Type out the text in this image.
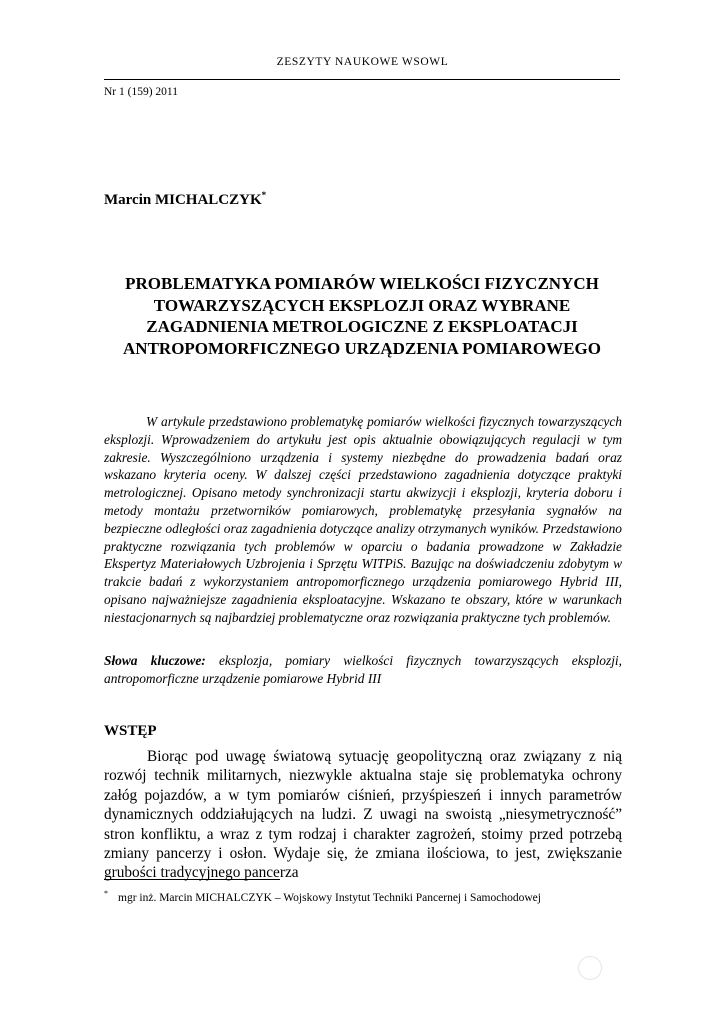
ZESZYTY NAUKOWE WSOWL
Nr 1 (159) 2011
Marcin MICHALCZYK*
PROBLEMATYKA POMIARÓW WIELKOŚCI FIZYCZNYCH
TOWARZYSZĄCYCH EKSPLOZJI ORAZ WYBRANE
ZAGADNIENIA METROLOGICZNE Z EKSPLOATACJI
ANTROPOMORFICZNEGO URZĄDZENIA POMIAROWEGO

W artykule przedstawiono problematykę pomiarów wielkości fizycznych towarzyszących eksplozji. Wprowadzeniem do artykułu jest opis aktualnie obowiązujących regulacji w tym zakresie. Wyszczególniono urządzenia i systemy niezbędne do prowadzenia badań oraz wskazano kryteria oceny. W dalszej części przedstawiono zagadnienia dotyczące praktyki metrologicznej. Opisano metody synchronizacji startu akwizycji i eksplozji, kryteria doboru i metody montażu przetworników pomiarowych, problematykę przesyłania sygnałów na bezpieczne odległości oraz zagadnienia dotyczące analizy otrzymanych wyników. Przedstawiono praktyczne rozwiązania tych problemów w oparciu o badania prowadzone w Zakładzie Ekspertyz Materiałowych Uzbrojenia i Sprzętu WITPiS. Bazując na doświadczeniu zdobytym w trakcie badań z wykorzystaniem antropomorficznego urządzenia pomiarowego Hybrid III, opisano najważniejsze zagadnienia eksploatacyjne. Wskazano te obszary, które w warunkach niestacjonarnych są najbardziej problematyczne oraz rozwiązania praktyczne tych problemów.

Słowa kluczowe: eksplozja, pomiary wielkości fizycznych towarzyszących eksplozji, antropomorficzne urządzenie pomiarowe Hybrid III

WSTĘP

Biorąc pod uwagę światową sytuację geopolityczną oraz związany z nią rozwój technik militarnych, niezwykle aktualna staje się problematyka ochrony załóg pojazdów, a w tym pomiarów ciśnień, przyśpieszeń i innych parametrów dynamicznych oddziałujących na ludzi. Z uwagi na swoistą „niesymetryczność” stron konfliktu, a wraz z tym rodzaj i charakter zagrożeń, stoimy przed potrzebą zmiany pancerzy i osłon. Wydaje się, że zmiana ilościowa, to jest, zwiększanie grubości tradycyjnego pancerza

* mgr inż. Marcin MICHALCZYK – Wojskowy Instytut Techniki Pancernej i Samochodowej
